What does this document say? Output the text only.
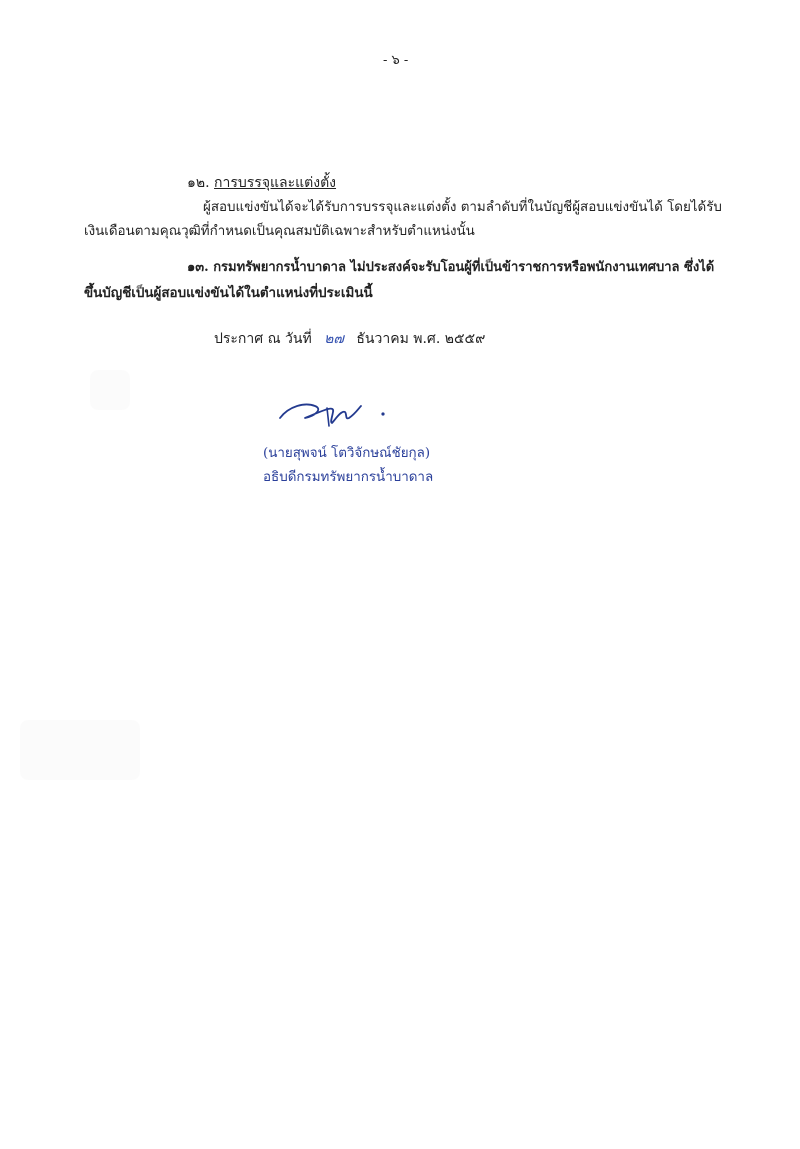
- ๖ -
๑๒. การบรรจุและแต่งตั้ง
ผู้สอบแข่งขันได้จะได้รับการบรรจุและแต่งตั้ง ตามลำดับที่ในบัญชีผู้สอบแข่งขันได้ โดยได้รับ
เงินเดือนตามคุณวุฒิที่กำหนดเป็นคุณสมบัติเฉพาะสำหรับตำแหน่งนั้น
๑๓. กรมทรัพยากรน้ำบาดาล ไม่ประสงค์จะรับโอนผู้ที่เป็นข้าราชการหรือพนักงานเทศบาล ซึ่งได้
ขึ้นบัญชีเป็นผู้สอบแข่งขันได้ในตำแหน่งที่ประเมินนี้
ประกาศ ณ วันที่ ๒๗ ธันวาคม พ.ศ. ๒๕๕๙
(นายสุพจน์ โตวิจักษณ์ชัยกุล)
อธิบดีกรมทรัพยากรน้ำบาดาล
